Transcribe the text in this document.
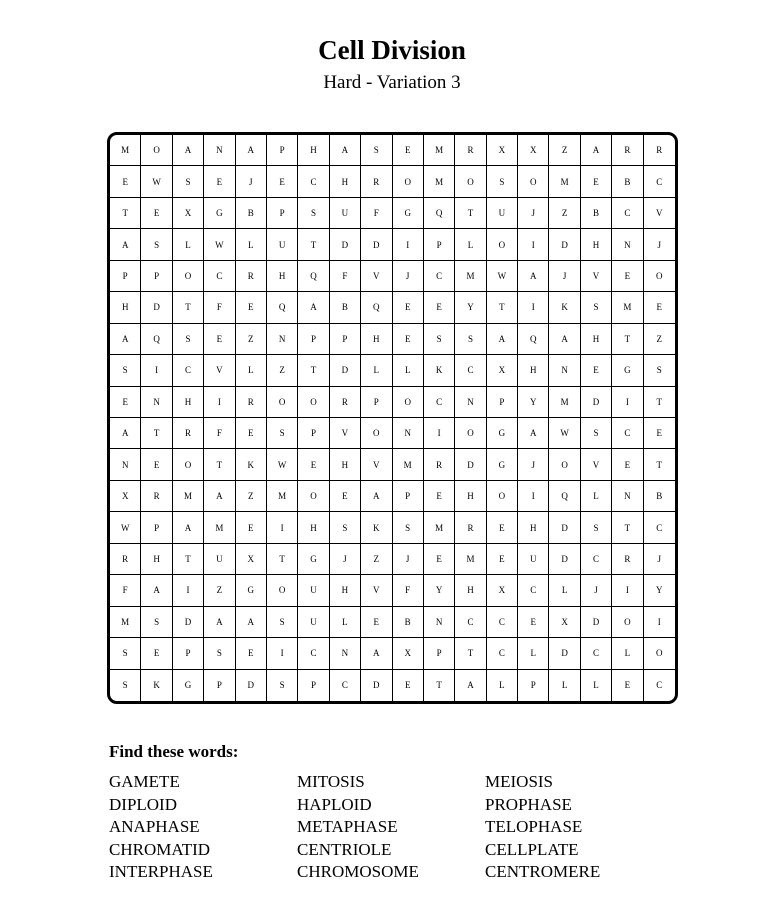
Cell Division
Hard - Variation 3
M	O	A	N	A	P	H	A	S	E	M	R	X	X	Z	A	R	R
E	W	S	E	J	E	C	H	R	O	M	O	S	O	M	E	B	C
T	E	X	G	B	P	S	U	F	G	Q	T	U	J	Z	B	C	V
A	S	L	W	L	U	T	D	D	I	P	L	O	I	D	H	N	J
P	P	O	C	R	H	Q	F	V	J	C	M	W	A	J	V	E	O
H	D	T	F	E	Q	A	B	Q	E	E	Y	T	I	K	S	M	E
A	Q	S	E	Z	N	P	P	H	E	S	S	A	Q	A	H	T	Z
S	I	C	V	L	Z	T	D	L	L	K	C	X	H	N	E	G	S
E	N	H	I	R	O	O	R	P	O	C	N	P	Y	M	D	I	T
A	T	R	F	E	S	P	V	O	N	I	O	G	A	W	S	C	E
N	E	O	T	K	W	E	H	V	M	R	D	G	J	O	V	E	T
X	R	M	A	Z	M	O	E	A	P	E	H	O	I	Q	L	N	B
W	P	A	M	E	I	H	S	K	S	M	R	E	H	D	S	T	C
R	H	T	U	X	T	G	J	Z	J	E	M	E	U	D	C	R	J
F	A	I	Z	G	O	U	H	V	F	Y	H	X	C	L	J	I	Y
M	S	D	A	A	S	U	L	E	B	N	C	C	E	X	D	O	I
S	E	P	S	E	I	C	N	A	X	P	T	C	L	D	C	L	O
S	K	G	P	D	S	P	C	D	E	T	A	L	P	L	L	E	C
Find these words:
GAMETE	MITOSIS	MEIOSIS
DIPLOID	HAPLOID	PROPHASE
ANAPHASE	METAPHASE	TELOPHASE
CHROMATID	CENTRIOLE	CELLPLATE
INTERPHASE	CHROMOSOME	CENTROMERE
